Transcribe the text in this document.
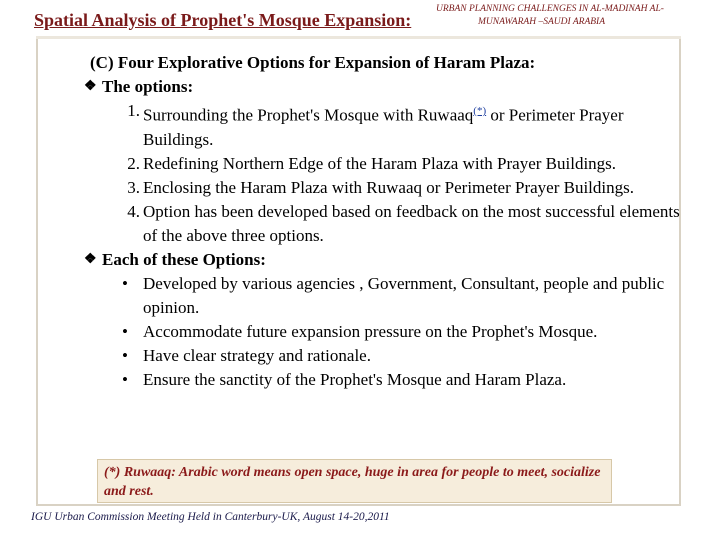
Spatial Analysis of Prophet's Mosque Expansion:
URBAN PLANNING CHALLENGES IN AL-MADINAH AL-
MUNAWARAH –SAUDI ARABIA
(C) Four Explorative Options for Expansion of Haram Plaza:
❖ The options:
1. Surrounding the Prophet's Mosque with Ruwaaq(*) or Perimeter Prayer Buildings.
2. Redefining Northern Edge of the Haram Plaza with Prayer Buildings.
3. Enclosing the Haram Plaza with Ruwaaq or Perimeter Prayer Buildings.
4. Option has been developed based on feedback on the most successful elements of the above three options.
❖ Each of these Options:
• Developed by various agencies , Government, Consultant, people and public opinion.
• Accommodate future expansion pressure on the Prophet's Mosque.
• Have clear strategy and rationale.
• Ensure the sanctity of the Prophet's Mosque and Haram Plaza.
(*) Ruwaaq: Arabic word means open space, huge in area for people to meet, socialize and rest.
IGU Urban Commission Meeting Held in Canterbury-UK, August 14-20,2011
